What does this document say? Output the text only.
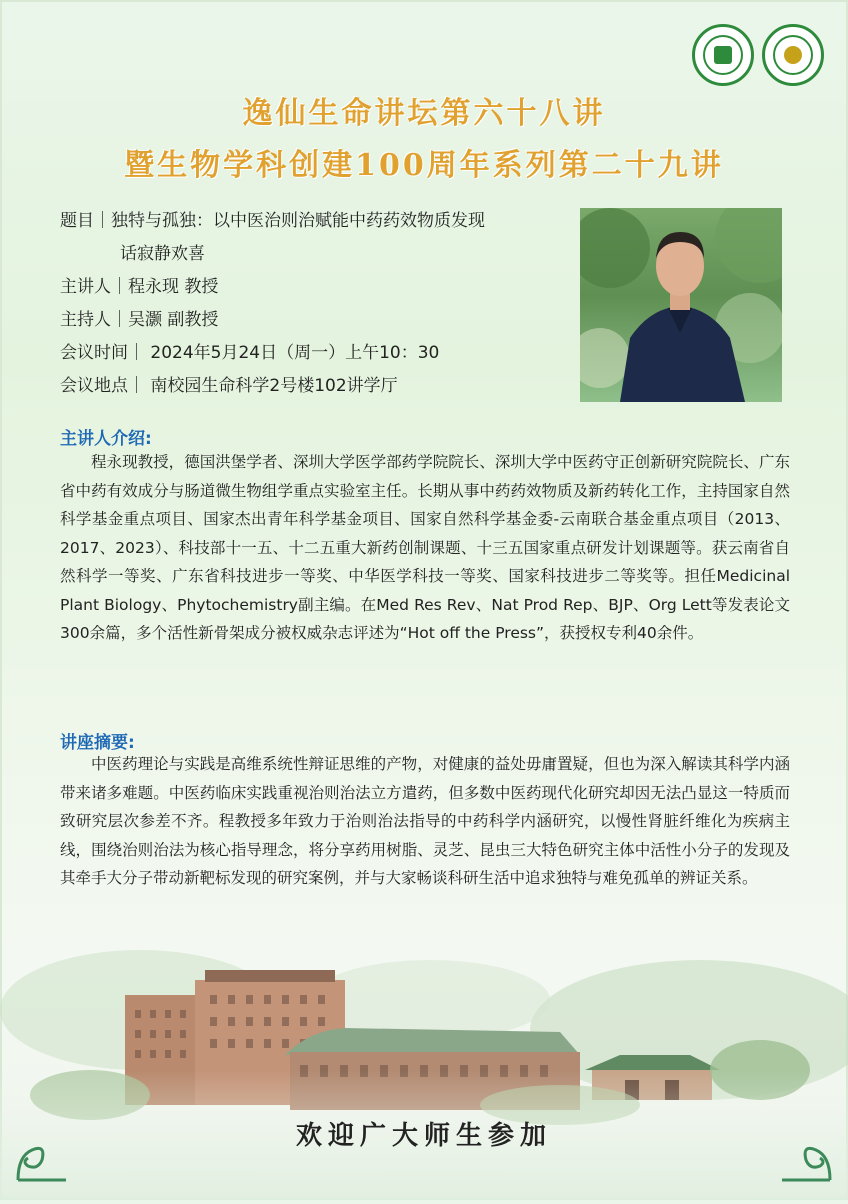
逸仙生命讲坛第六十八讲
暨生物学科创建100周年系列第二十九讲
题目｜独特与孤独：以中医治则治赋能中药药效物质发现
话寂静欢喜
主讲人｜程永现 教授
主持人｜吴灏 副教授
会议时间｜ 2024年5月24日（周一）上午10：30
会议地点｜ 南校园生命科学2号楼102讲学厅
主讲人介绍:
程永现教授，德国洪堡学者、深圳大学医学部药学院院长、深圳大学中医药守正创新研究院院长、广东省中药有效成分与肠道微生物组学重点实验室主任。长期从事中药药效物质及新药转化工作，主持国家自然科学基金重点项目、国家杰出青年科学基金项目、国家自然科学基金委-云南联合基金重点项目（2013、2017、2023）、科技部十一五、十二五重大新药创制课题、十三五国家重点研发计划课题等。获云南省自然科学一等奖、广东省科技进步一等奖、中华医学科技一等奖、国家科技进步二等奖等。担任Medicinal Plant Biology、Phytochemistry副主编。在Med Res Rev、Nat Prod Rep、BJP、Org Lett等发表论文300余篇，多个活性新骨架成分被权威杂志评述为“Hot off the Press”，获授权专利40余件。
讲座摘要:
中医药理论与实践是高维系统性辩证思维的产物，对健康的益处毋庸置疑，但也为深入解读其科学内涵带来诸多难题。中医药临床实践重视治则治法立方遣药，但多数中医药现代化研究却因无法凸显这一特质而致研究层次参差不齐。程教授多年致力于治则治法指导的中药科学内涵研究，以慢性肾脏纤维化为疾病主线，围绕治则治法为核心指导理念，将分享药用树脂、灵芝、昆虫三大特色研究主体中活性小分子的发现及其牵手大分子带动新靶标发现的研究案例，并与大家畅谈科研生活中追求独特与难免孤单的辨证关系。
欢迎广大师生参加
